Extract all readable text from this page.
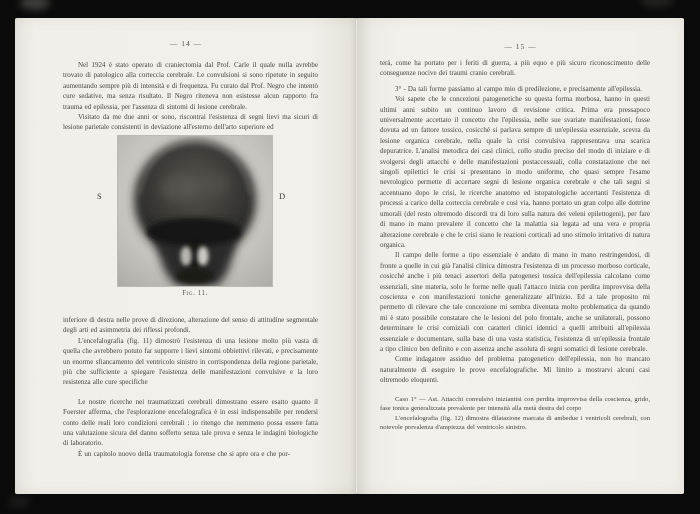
— 14 —

Nel 1924 è stato operato di craniectomia dal Prof. Carle il quale nulla avrebbe trovato di patologico alla corteccia cerebrale. Le convulsioni si sono ripetute in seguito aumentando sempre più di intensità e di frequenza. Fu curato dal Prof. Negro che intentò cure sedative, ma senza risultato. Il Negro riteneva non esistesse alcun rapporto fra trauma ed epilessia, per l'assenza di sintomi di lesione cerebrale.

Visitato da me due anni or sono, riscontrai l'esistenza di segni lievi ma sicuri di lesione parietale consistenti in deviazione all'esterno dell'arto superiore ed

S	D
Fig. 11.

inferiore di destra nelle prove di direzione, alterazione del senso di attitudine segmentale degli arti ed asimmetria dei riflessi profondi.

L'encefalografia (fig. 11) dimostrò l'esistenza di una lesione molto più vasta di quella che avrebbero potuto far supporre i lievi sintomi obbiettivi rilevati, e precisamente un enorme sfiancamento del ventricolo sinistro in corrispondenza della regione parietale, più che sufficiente a spiegare l'esistenza delle manifestazioni convulsive e la loro resistenza alle cure specifiche

Le nostre ricerche nei traumatizzati cerebrali dimostrano essere esatto quanto il Foerster afferma, che l'esplorazione encefalografica è in essi indispensabile per rendersi conto delle reali loro condizioni cerebrali : io ritengo che nemmeno possa essere fatta una valutazione sicura del danno sofferto senza tale prova e senza le indagini biologiche di laboratorio.

È un capitolo nuovo della traumatologia forense che si apre ora e che por-

— 15 —

terà, come ha portato per i feriti di guerra, a più equo e più sicuro riconoscimento delle conseguenze nocive dei traumi cranio cerebrali.

3° - Da tali forme passiamo al campo mio di predilezione, e precisamente all'epilessia.

Voi sapete che le concezioni patogenetiche su questa forma morbosa, hanno in questi ultimi anni subito un continuo lavoro di revisione critica. Prima era pressapoco universalmente accettato il concetto che l'epilessia, nelle sue svariate manifestazioni, fosse dovuta ad un fattore tossico, cosicché si parlava sempre di un'epilessia essenziale, scevra da lesione organica cerebrale, nella quale la crisi convulsiva rappresentava una scarica depuratrice. L'analisi metodica dei casi clinici, collo studio preciso del modo di iniziare e di svolgersi degli attacchi e delle manifestazioni postaccessuali, colla constatazione che nei singoli epilettici le crisi si presentano in modo uniforme, che quasi sempre l'esame nevrologico permette di accertare segni di lesione organica cerebrale e che tali segni si accentuano dopo le crisi, le ricerche anatomo ed istopatologiche accertanti l'esistenza di processi a carico della corteccia cerebrale e così via, hanno portato un gran colpo alle dottrine umorali (del resto oltremodo discordi tra di loro sulla natura dei veleni epilettogeni), per fare di mano in mano prevalere il concetto che la malattia sia legata ad una vera e propria alterazione cerebrale e che le crisi siano le reazioni corticali ad uno stimolo irritativo di natura organica.

Il campo delle forme a tipo essenziale è andato di mano in mano restringendosi, di fronte a quelle in cui già l'analisi clinica dimostra l'esistenza di un processo morboso corticale, cosicché anche i più tenaci assertori della patogenesi tossica dell'epilessia calcolano come essenziali, sine materia, solo le forme nelle quali l'attacco inizia con perdita improvvisa della coscienza e con manifestazioni toniche generalizzate all'inizio. Ed a tale proposito mi permetto di rilevare che tale concezione mi sembra diventata molto problematica da quando mi è stato possibile constatare che le lesioni del polo frontale, anche se unilaterali, possono determinare le crisi comiziali con caratteri clinici identici a quelli attribuiti all'epilessia essenziale e documentare, sulla base di una vasta statistica, l'esistenza di un'epilessia frontale a tipo clinico ben definito e con assenza anche assoluta di segni somatici di lesione cerebrale.

Come indagatore assiduo del problema patogenetico dell'epilessia, non ho mancato naturalmente di eseguire le prove encefalografiche. Mi limito a mostrarvi alcuni casi oltremodo eloquenti.

Caso 1° — Ast. Attacchi convulsivi iniziantisi con perdita improvvisa della coscienza, grido, fase tonica generalizzata prevalente per intensità alla metà destra del corpo

L'encefalografia (fig. 12) dimostra dilatazione marcata di ambedue i ventricoli cerebrali, con notevole prevalenza d'ampiezza del ventricolo sinistro.
